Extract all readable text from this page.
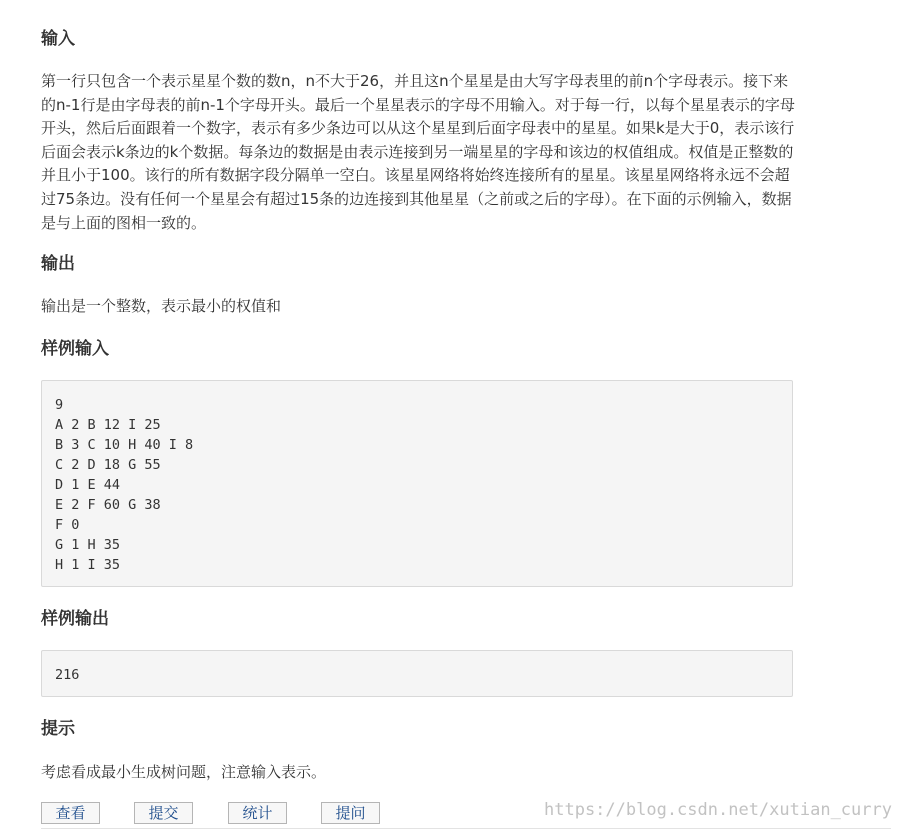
输入

第一行只包含一个表示星星个数的数n，n不大于26，并且这n个星星是由大写字母表里的前n个字母表示。接下来的n-1行是由字母表的前n-1个字母开头。最后一个星星表示的字母不用输入。对于每一行，以每个星星表示的字母开头，然后后面跟着一个数字，表示有多少条边可以从这个星星到后面字母表中的星星。如果k是大于0，表示该行后面会表示k条边的k个数据。每条边的数据是由表示连接到另一端星星的字母和该边的权值组成。权值是正整数的并且小于100。该行的所有数据字段分隔单一空白。该星星网络将始终连接所有的星星。该星星网络将永远不会超过75条边。没有任何一个星星会有超过15条的边连接到其他星星（之前或之后的字母）。在下面的示例输入，数据是与上面的图相一致的。

输出

输出是一个整数，表示最小的权值和

样例输入
9
A 2 B 12 I 25
B 3 C 10 H 40 I 8
C 2 D 18 G 55
D 1 E 44
E 2 F 60 G 38
F 0
G 1 H 35
H 1 I 35
样例输出
216
提示

考虑看成最小生成树问题，注意输入表示。

查看	提交	统计	提问	https://blog.csdn.net/xutian_curry
